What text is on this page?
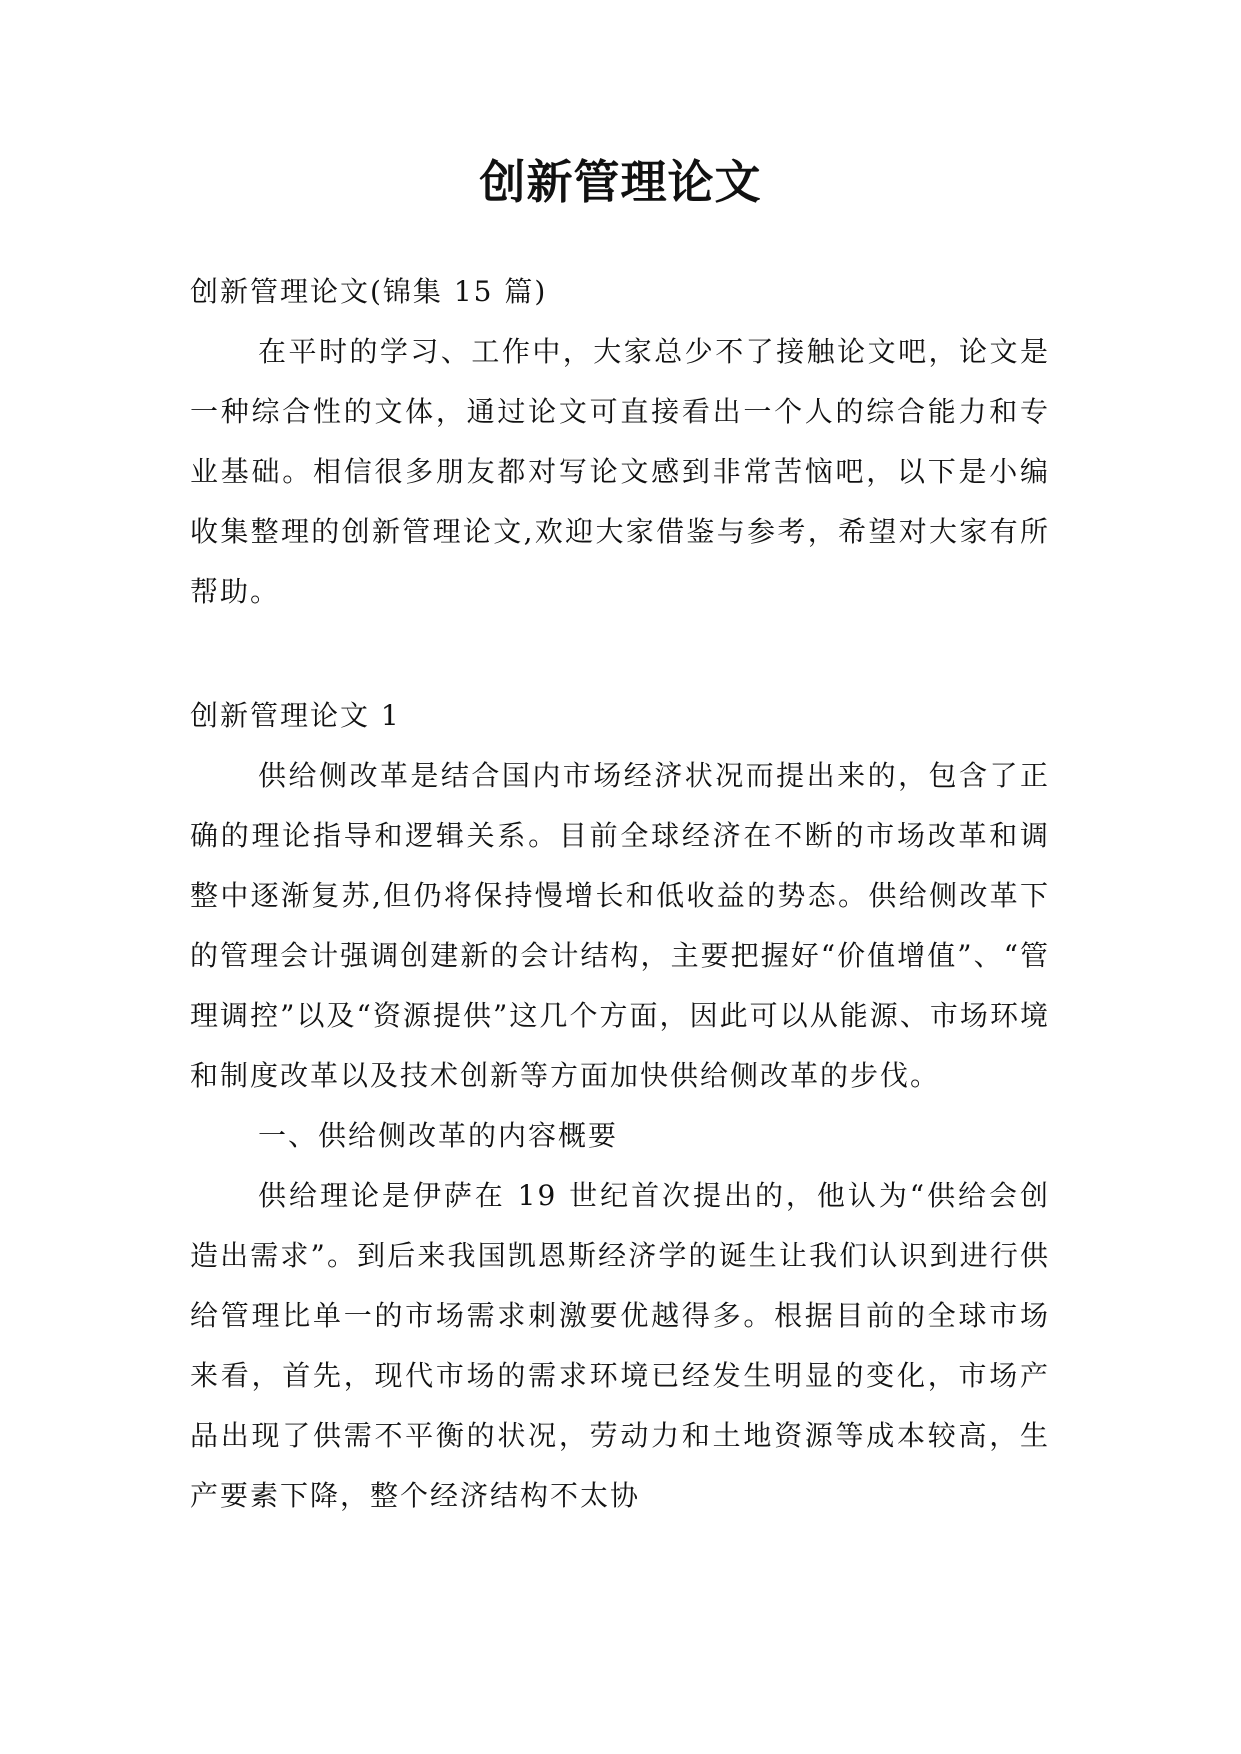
创新管理论文

创新管理论文(锦集 15 篇)

在平时的学习、工作中，大家总少不了接触论文吧，论文是一种综合性的文体，通过论文可直接看出一个人的综合能力和专业基础。相信很多朋友都对写论文感到非常苦恼吧，以下是小编收集整理的创新管理论文,欢迎大家借鉴与参考，希望对大家有所帮助。

创新管理论文 1

供给侧改革是结合国内市场经济状况而提出来的，包含了正确的理论指导和逻辑关系。目前全球经济在不断的市场改革和调整中逐渐复苏,但仍将保持慢增长和低收益的势态。供给侧改革下的管理会计强调创建新的会计结构，主要把握好“价值增值”、“管理调控”以及“资源提供”这几个方面，因此可以从能源、市场环境和制度改革以及技术创新等方面加快供给侧改革的步伐。

一、供给侧改革的内容概要

供给理论是伊萨在 19 世纪首次提出的，他认为“供给会创造出需求”。到后来我国凯恩斯经济学的诞生让我们认识到进行供给管理比单一的市场需求刺激要优越得多。根据目前的全球市场来看，首先，现代市场的需求环境已经发生明显的变化，市场产品出现了供需不平衡的状况，劳动力和土地资源等成本较高，生产要素下降，整个经济结构不太协
